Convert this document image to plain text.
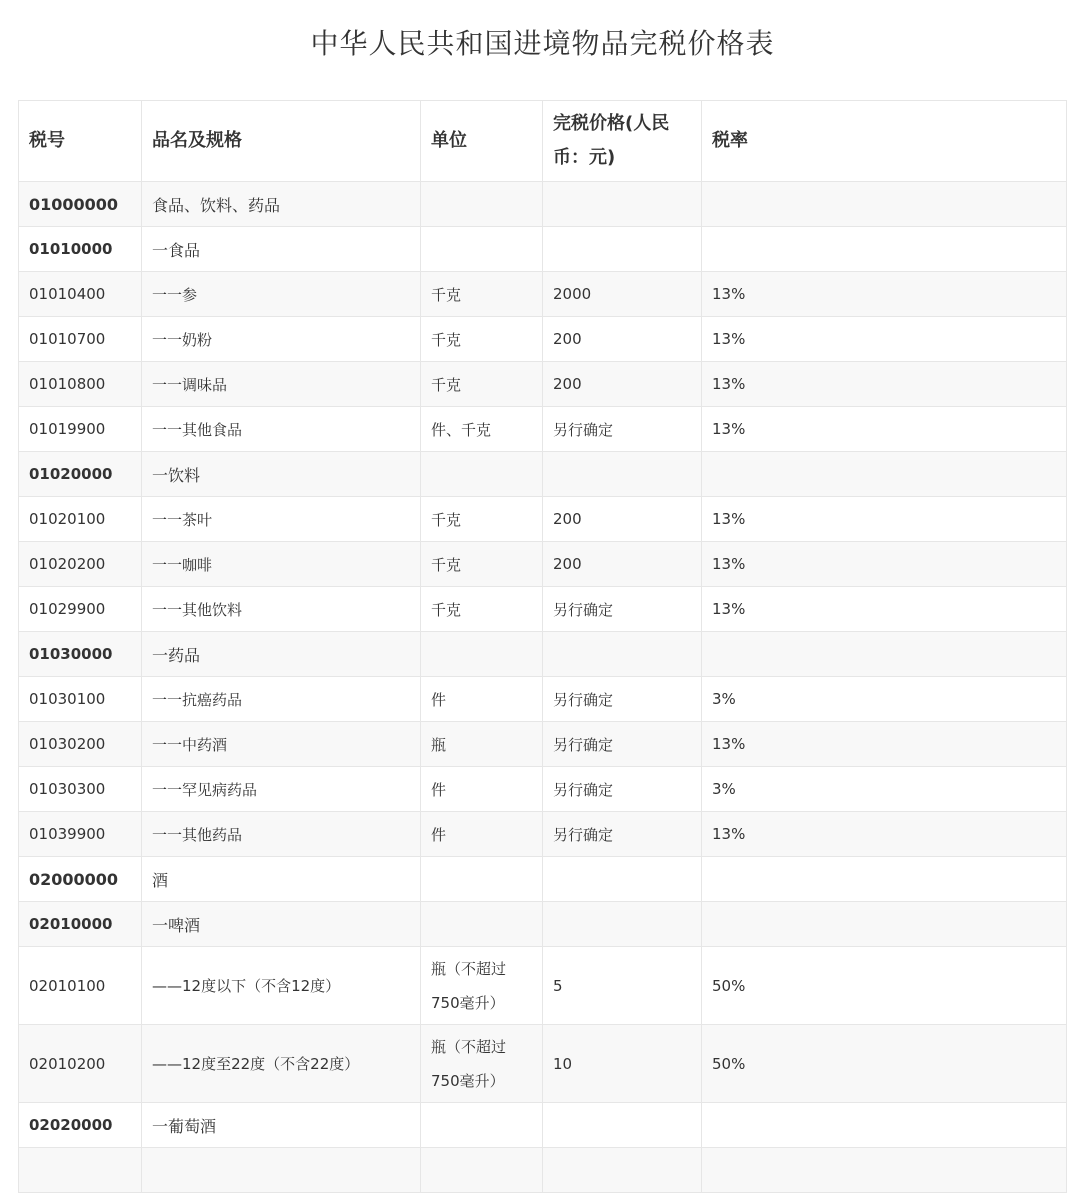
中华人民共和国进境物品完税价格表
税号	品名及规格	单位	完税价格(人民币：元)	税率
01000000	食品、饮料、药品			
01010000	一食品			
01010400	一一参	千克	2000	13%
01010700	一一奶粉	千克	200	13%
01010800	一一调味品	千克	200	13%
01019900	一一其他食品	件、千克	另行确定	13%
01020000	一饮料			
01020100	一一茶叶	千克	200	13%
01020200	一一咖啡	千克	200	13%
01029900	一一其他饮料	千克	另行确定	13%
01030000	一药品			
01030100	一一抗癌药品	件	另行确定	3%
01030200	一一中药酒	瓶	另行确定	13%
01030300	一一罕见病药品	件	另行确定	3%
01039900	一一其他药品	件	另行确定	13%
02000000	酒			
02010000	一啤酒			
02010100	——12度以下（不含12度）	瓶（不超过750毫升）	5	50%
02010200	——12度至22度（不含22度）	瓶（不超过750毫升）	10	50%
02020000	一葡萄酒			
